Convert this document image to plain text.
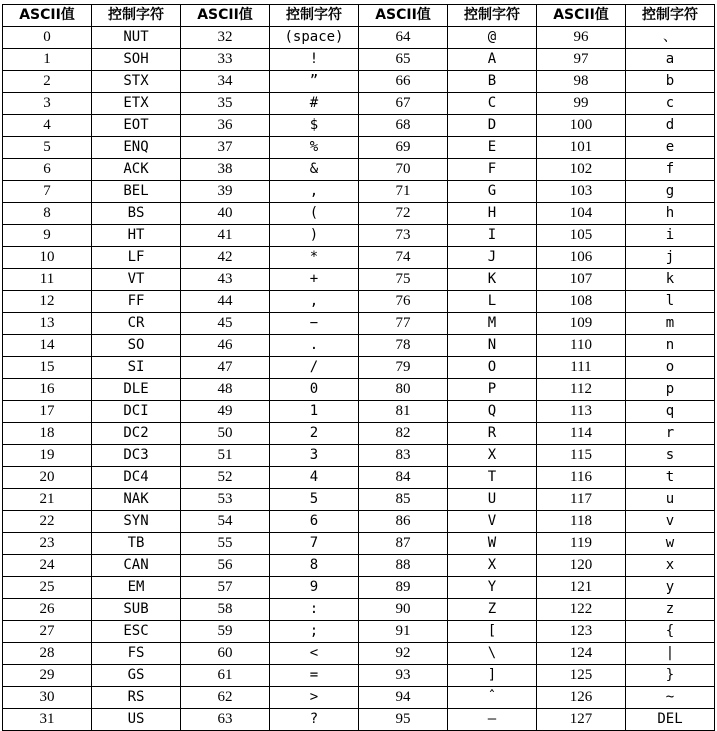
ASCII值	控制字符	ASCII值	控制字符	ASCII值	控制字符	ASCII值	控制字符
0	NUT	32	(space)	64	@	96	、
1	SOH	33	!	65	A	97	a
2	STX	34	”	66	B	98	b
3	ETX	35	#	67	C	99	c
4	EOT	36	$	68	D	100	d
5	ENQ	37	%	69	E	101	e
6	ACK	38	&	70	F	102	f
7	BEL	39	,	71	G	103	g
8	BS	40	(	72	H	104	h
9	HT	41	)	73	I	105	i
10	LF	42	*	74	J	106	j
11	VT	43	+	75	K	107	k
12	FF	44	,	76	L	108	l
13	CR	45	−	77	M	109	m
14	SO	46	.	78	N	110	n
15	SI	47	/	79	O	111	o
16	DLE	48	0	80	P	112	p
17	DCI	49	1	81	Q	113	q
18	DC2	50	2	82	R	114	r
19	DC3	51	3	83	X	115	s
20	DC4	52	4	84	T	116	t
21	NAK	53	5	85	U	117	u
22	SYN	54	6	86	V	118	v
23	TB	55	7	87	W	119	w
24	CAN	56	8	88	X	120	x
25	EM	57	9	89	Y	121	y
26	SUB	58	:	90	Z	122	z
27	ESC	59	;	91	[	123	{
28	FS	60	<	92	\	124	|
29	GS	61	=	93	]	125	}
30	RS	62	>	94	ˆ	126	~
31	US	63	?	95	—	127	DEL
